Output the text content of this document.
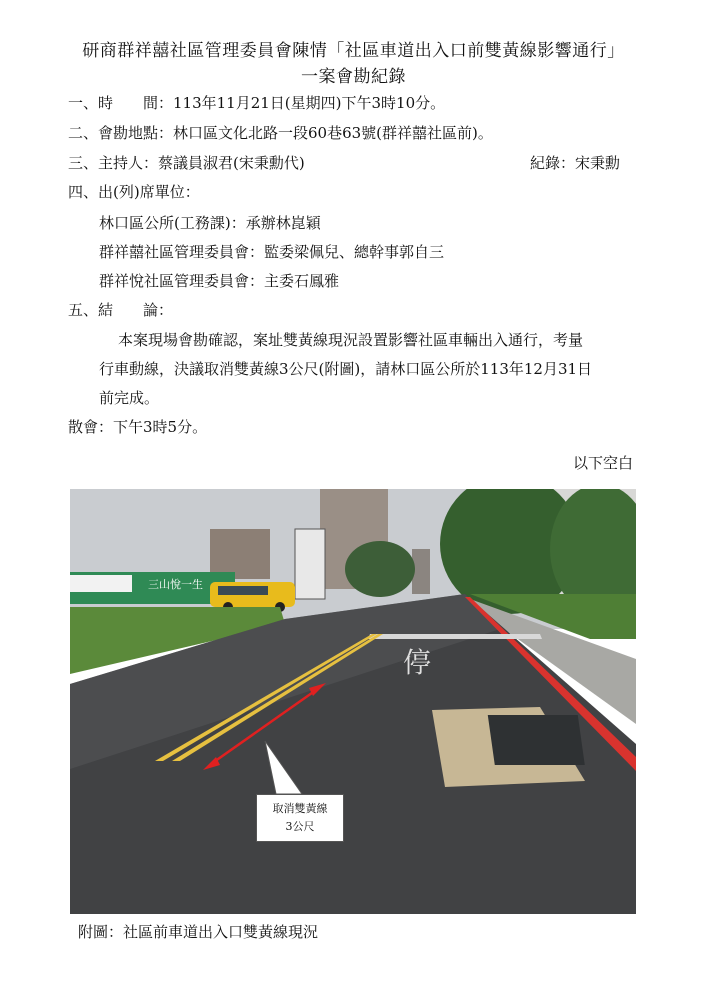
研商群祥囍社區管理委員會陳情「社區車道出入口前雙黃線影響通行」
一案會勘紀錄
一、時　　間：113年11月21日(星期四)下午3時10分。
二、會勘地點：林口區文化北路一段60巷63號(群祥囍社區前)。
三、主持人：蔡議員淑君(宋秉勳代)	紀錄：宋秉勳
四、出(列)席單位：
林口區公所(工務課)：承辦林崑穎
群祥囍社區管理委員會：監委梁佩兒、總幹事郭自三
群祥悅社區管理委員會：主委石鳳雅
五、結　　論：
本案現場會勘確認，案址雙黃線現況設置影響社區車輛出入通行，考量
行車動線，決議取消雙黃線3公尺(附圖)，請林口區公所於113年12月31日
前完成。
散會：下午3時5分。
以下空白
三山悅一生
停
取消雙黃線
3公尺
附圖：社區前車道出入口雙黃線現況
